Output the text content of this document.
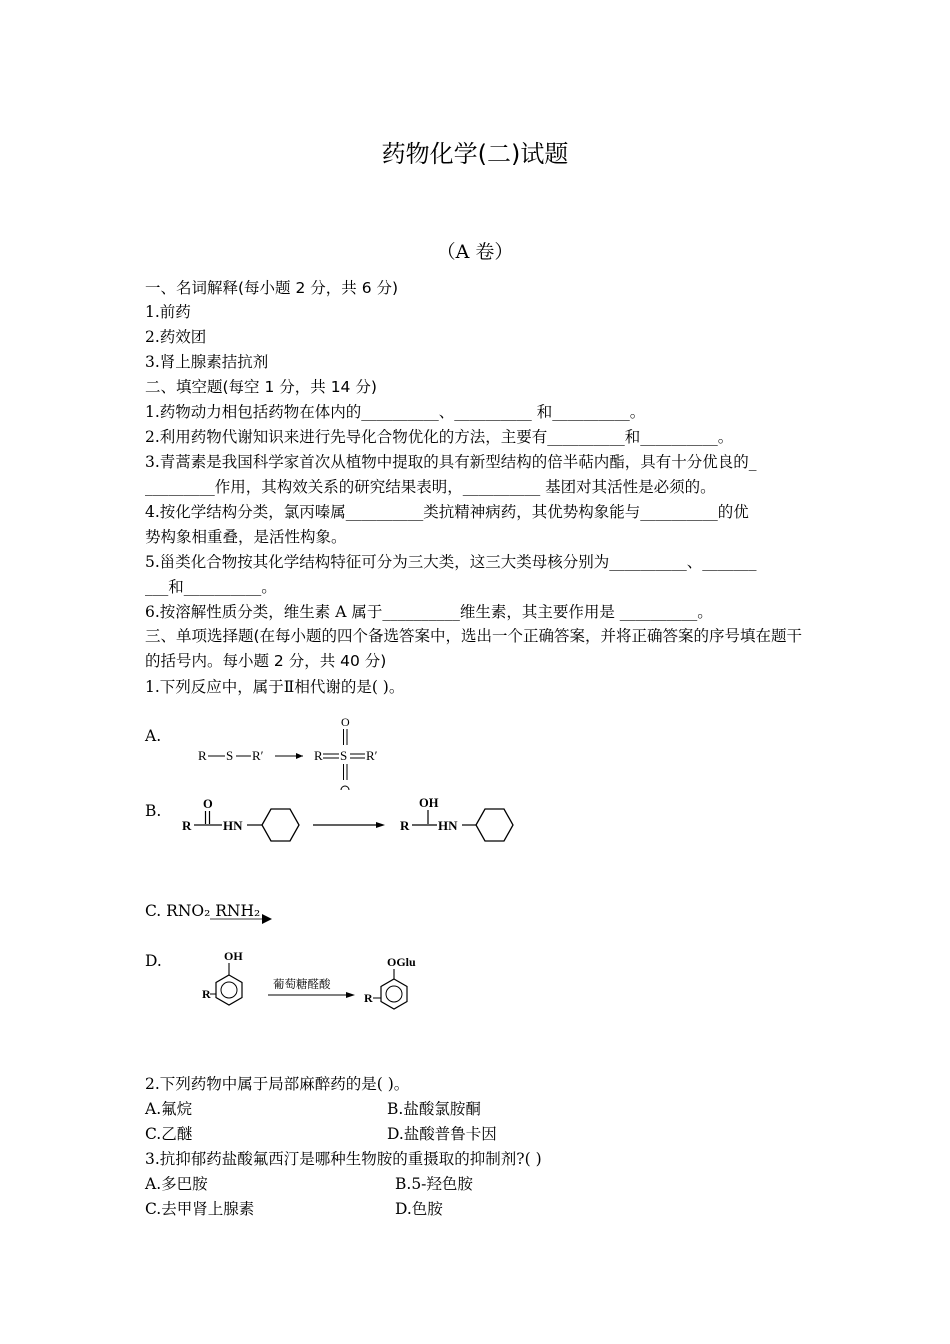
药物化学(二)试题
（A 卷）
一、名词解释(每小题 2 分，共 6 分)
1.前药
2.药效团
3.肾上腺素拮抗剂
二、填空题(每空 1 分，共 14 分)
1.药物动力相包括药物在体内的__________、__________ 和__________。
2.利用药物代谢知识来进行先导化合物优化的方法，主要有__________和__________。
3.青蒿素是我国科学家首次从植物中提取的具有新型结构的倍半萜内酯，具有十分优良的_
_________作用，其构效关系的研究结果表明，__________ 基团对其活性是必须的。
4.按化学结构分类，氯丙嗪属__________类抗精神病药，其优势构象能与__________的优
势构象相重叠，是活性构象。
5.甾类化合物按其化学结构特征可分为三大类，这三大类母核分别为__________、_______
___和__________。
6.按溶解性质分类，维生素 A 属于__________维生素，其主要作用是 __________。
三、单项选择题(在每小题的四个备选答案中，选出一个正确答案，并将正确答案的序号填在题干的括号内。每小题 2 分，共 40 分)
1.下列反应中，属于Ⅱ相代谢的是( )。
A.
R S R′	R S R′
O
B.	O
R HN
OH
R HN
C. RNO₂ RNH₂
D.	OH
R
葡萄糖醛酸
OGlu
R
2.下列药物中属于局部麻醉药的是( )。
A.氟烷	B.盐酸氯胺酮
C.乙醚	D.盐酸普鲁卡因
3.抗抑郁药盐酸氟西汀是哪种生物胺的重摄取的抑制剂?( )
A.多巴胺	B.5-羟色胺
C.去甲肾上腺素	D.色胺
